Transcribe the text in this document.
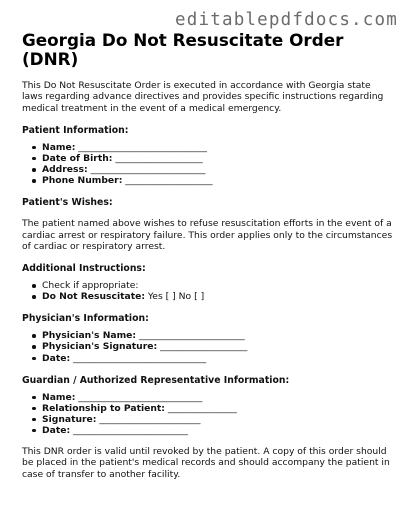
editablepdfdocs.com
Georgia Do Not Resuscitate Order (DNR)

This Do Not Resuscitate Order is executed in accordance with Georgia state laws regarding advance directives and provides specific instructions regarding medical treatment in the event of a medical emergency.

Patient Information:
Name: ____________________________
Date of Birth: ___________________
Address: _________________________
Phone Number: ___________________
Patient's Wishes:

The patient named above wishes to refuse resuscitation efforts in the event of a cardiac arrest or respiratory failure. This order applies only to the circumstances of cardiac or respiratory arrest.

Additional Instructions:
Check if appropriate:
Do Not Resuscitate: Yes [ ] No [ ]
Physician's Information:
Physician's Name: _______________________
Physician's Signature: ___________________
Date: _____________________________
Guardian / Authorized Representative Information:
Name: ___________________________
Relationship to Patient: _______________
Signature: ______________________
Date: _________________________

This DNR order is valid until revoked by the patient. A copy of this order should be placed in the patient's medical records and should accompany the patient in case of transfer to another facility.
